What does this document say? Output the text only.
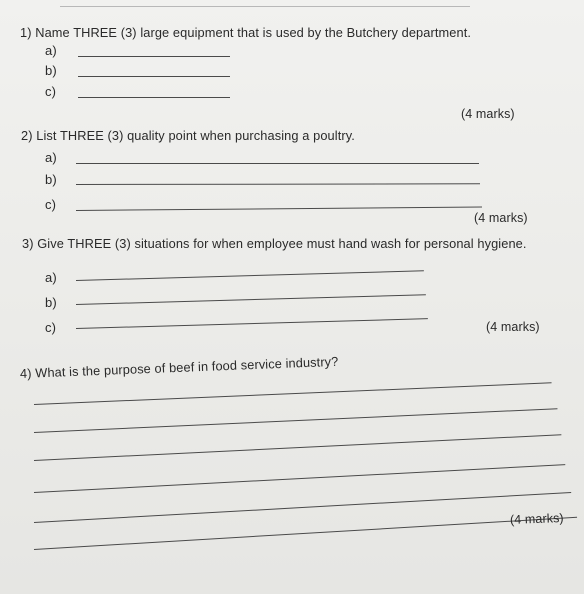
1) Name THREE (3) large equipment that is used by the Butchery department.
a)
b)
c)
(4 marks)
2) List THREE (3) quality point when purchasing a poultry.
a)
b)
c)
(4 marks)
3) Give THREE (3) situations for when employee must hand wash for personal hygiene.
a)
b)
c)	(4 marks)
4) What is the purpose of beef in food service industry?
(4 marks)
